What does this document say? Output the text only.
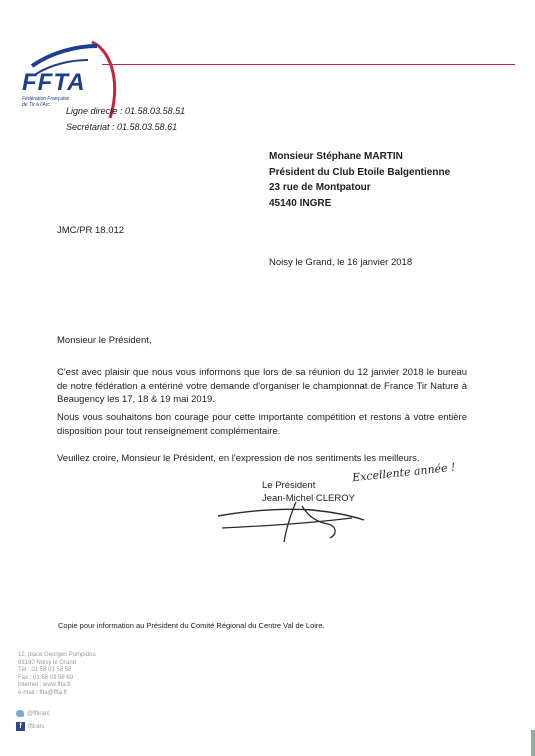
FFTA
Fédération Française
de Tir à l'Arc
Ligne directe : 01.58.03.58.51
Secrétariat : 01.58.03.58.61
Monsieur Stéphane MARTIN
Président du Club Etoile Balgentienne
23 rue de Montpatour
45140 INGRE
JMC/PR 18.012
Noisy le Grand, le 16 janvier 2018
Monsieur le Président,
C'est avec plaisir que nous vous informons que lors de sa réunion du 12 janvier 2018 le bureau de notre fédération a entériné votre demande d'organiser le championnat de France Tir Nature à Beaugency les 17, 18 & 19 mai 2019.
Nous vous souhaitons bon courage pour cette importante compétition et restons à votre entière disposition pour tout renseignement complémentaire.
Veuillez croire, Monsieur le Président, en l'expression de nos sentiments les meilleurs.
Le Président
Jean-Michel CLEROY
Excellente année !
Copie pour information au Président du Comité Régional du Centre Val de Loire.
12, place Georges Pompidou
93160 Noisy le Grand
Tél : 01 58 03 58 58
Fax : 01 58 03 58 69
internet : www.ffta.fr
e-mail : ffta@ffta.fr
@fftirarc
f	fftirarc
